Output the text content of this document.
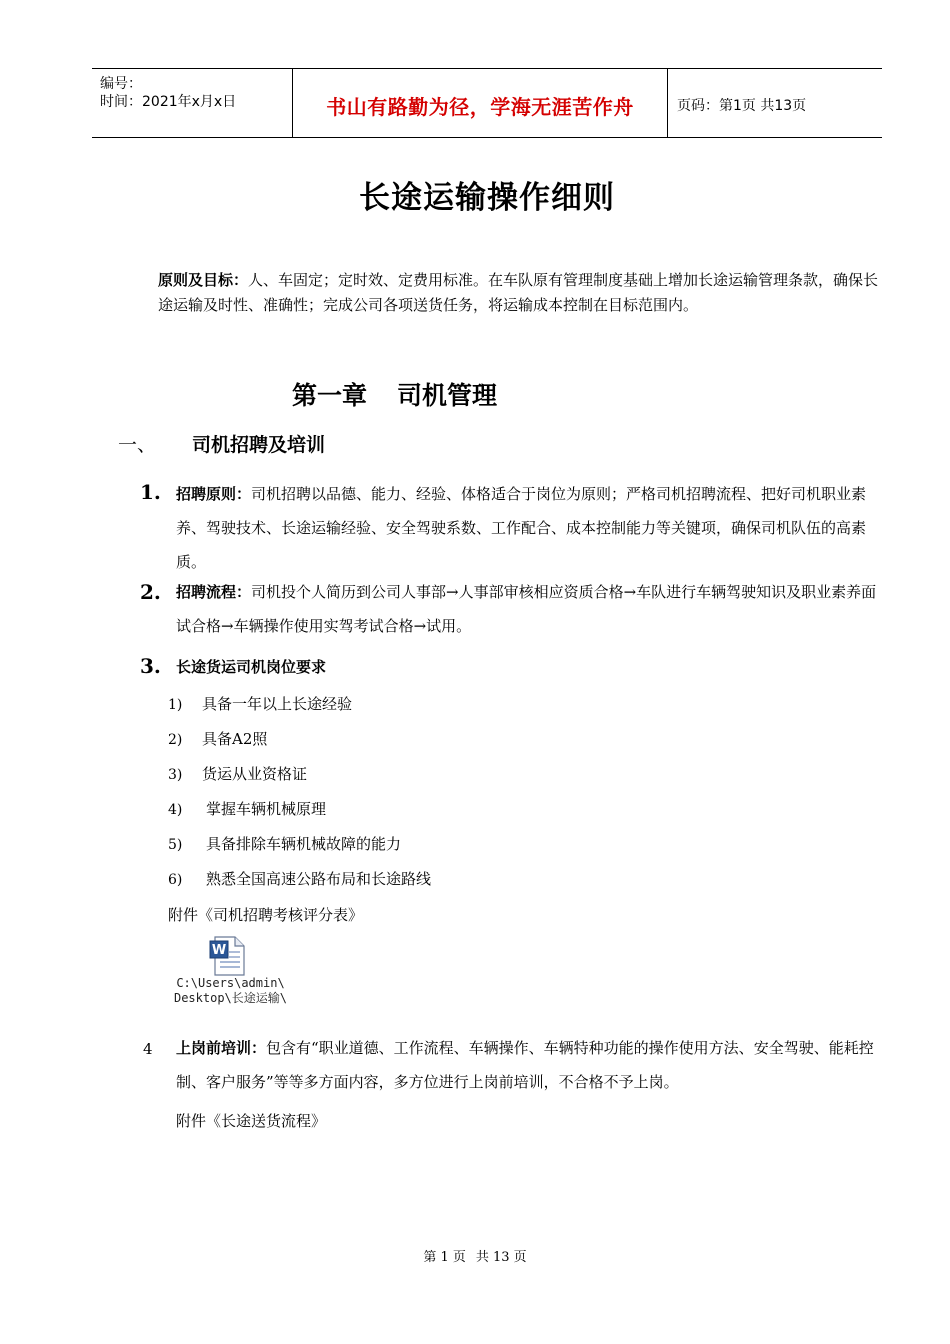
编号：
时间：2021年x月x日	书山有路勤为径，学海无涯苦作舟	页码：第1页 共13页
长途运输操作细则
原则及目标：人、车固定；定时效、定费用标准。在车队原有管理制度基础上增加长途运输管理条款，确保长途运输及时性、准确性；完成公司各项送货任务，将运输成本控制在目标范围内。
第一章 司机管理
一、 司机招聘及培训
1. 招聘原则：司机招聘以品德、能力、经验、体格适合于岗位为原则；严格司机招聘流程、把好司机职业素养、驾驶技术、长途运输经验、安全驾驶系数、工作配合、成本控制能力等关键项，确保司机队伍的高素质。
2. 招聘流程：司机投个人简历到公司人事部→人事部审核相应资质合格→车队进行车辆驾驶知识及职业素养面试合格→车辆操作使用实驾考试合格→试用。
3. 长途货运司机岗位要求
1) 具备一年以上长途经验
2) 具备A2照
3) 货运从业资格证
4) 掌握车辆机械原理
5) 具备排除车辆机械故障的能力
6) 熟悉全国高速公路布局和长途路线
附件《司机招聘考核评分表》
W
C:\Users\admin\
Desktop\长途运输\
4 上岗前培训：包含有“职业道德、工作流程、车辆操作、车辆特种功能的操作使用方法、安全驾驶、能耗控制、客户服务”等等多方面内容，多方位进行上岗前培训，不合格不予上岗。
附件《长途送货流程》
第 1 页 共 13 页
